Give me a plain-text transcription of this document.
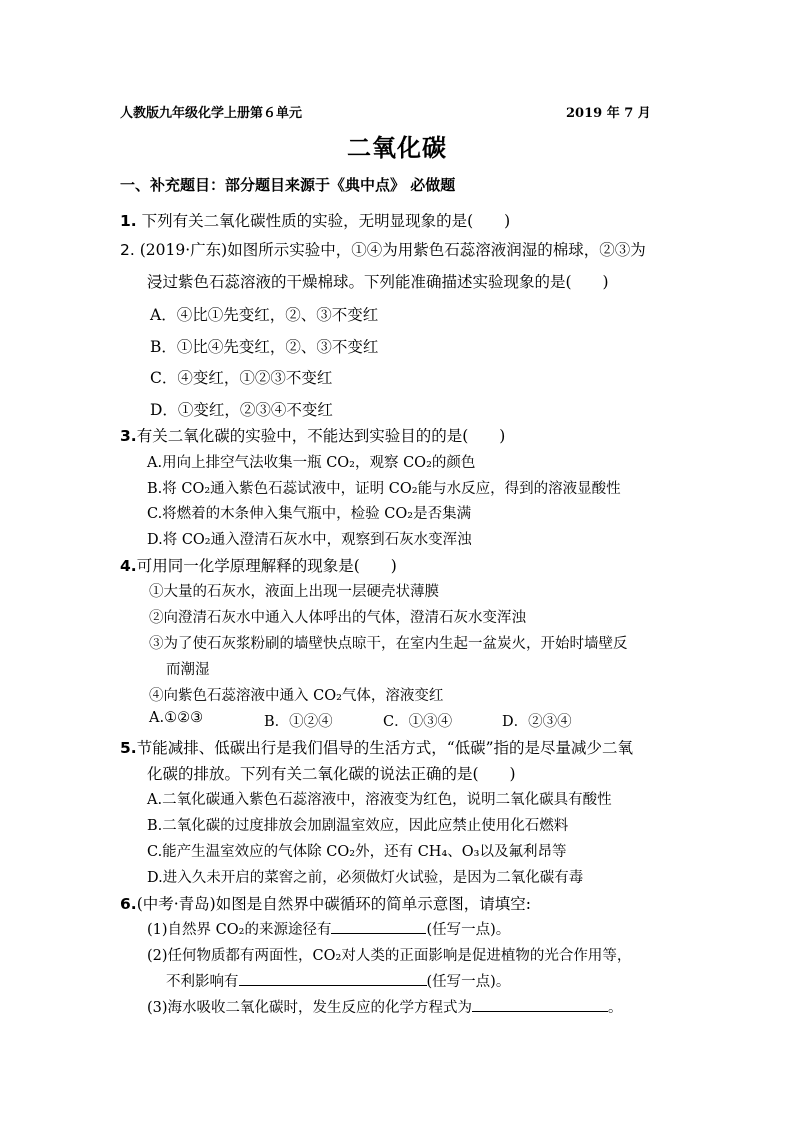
人教版九年级化学上册第６单元	2019 年 7 月
二氧化碳
一、补充题目：部分题目来源于《典中点》 必做题
1. 下列有关二氧化碳性质的实验，无明显现象的是(　　)
2. (2019·广东)如图所示实验中，①④为用紫色石蕊溶液润湿的棉球，②③为
浸过紫色石蕊溶液的干燥棉球。下列能准确描述实验现象的是(　　)
A．④比①先变红，②、③不变红
B．①比④先变红，②、③不变红
C．④变红，①②③不变红
D．①变红，②③④不变红
3.有关二氧化碳的实验中，不能达到实验目的的是(　　)
A.用向上排空气法收集一瓶 CO₂，观察 CO₂的颜色
B.将 CO₂通入紫色石蕊试液中，证明 CO₂能与水反应，得到的溶液显酸性
C.将燃着的木条伸入集气瓶中，检验 CO₂是否集满
D.将 CO₂通入澄清石灰水中，观察到石灰水变浑浊
4.可用同一化学原理解释的现象是(　　)
①大量的石灰水，液面上出现一层硬壳状薄膜
②向澄清石灰水中通入人体呼出的气体，澄清石灰水变浑浊
③为了使石灰浆粉刷的墙壁快点晾干，在室内生起一盆炭火，开始时墙壁反
而潮湿
④向紫色石蕊溶液中通入 CO₂气体，溶液变红
A.①②③	B．①②④	C．①③④	D．②③④
5.节能减排、低碳出行是我们倡导的生活方式，“低碳”指的是尽量减少二氧
化碳的排放。下列有关二氧化碳的说法正确的是(　　)
A.二氧化碳通入紫色石蕊溶液中，溶液变为红色，说明二氧化碳具有酸性
B.二氧化碳的过度排放会加剧温室效应，因此应禁止使用化石燃料
C.能产生温室效应的气体除 CO₂外，还有 CH₄、O₃以及氟利昂等
D.进入久未开启的菜窖之前，必须做灯火试验，是因为二氧化碳有毒
6.(中考·青岛)如图是自然界中碳循环的简单示意图，请填空:
(1)自然界 CO₂的来源途径有	(任写一点)。
(2)任何物质都有两面性，CO₂对人类的正面影响是促进植物的光合作用等，
不利影响有	(任写一点)。
(3)海水吸收二氧化碳时，发生反应的化学方程式为	。
